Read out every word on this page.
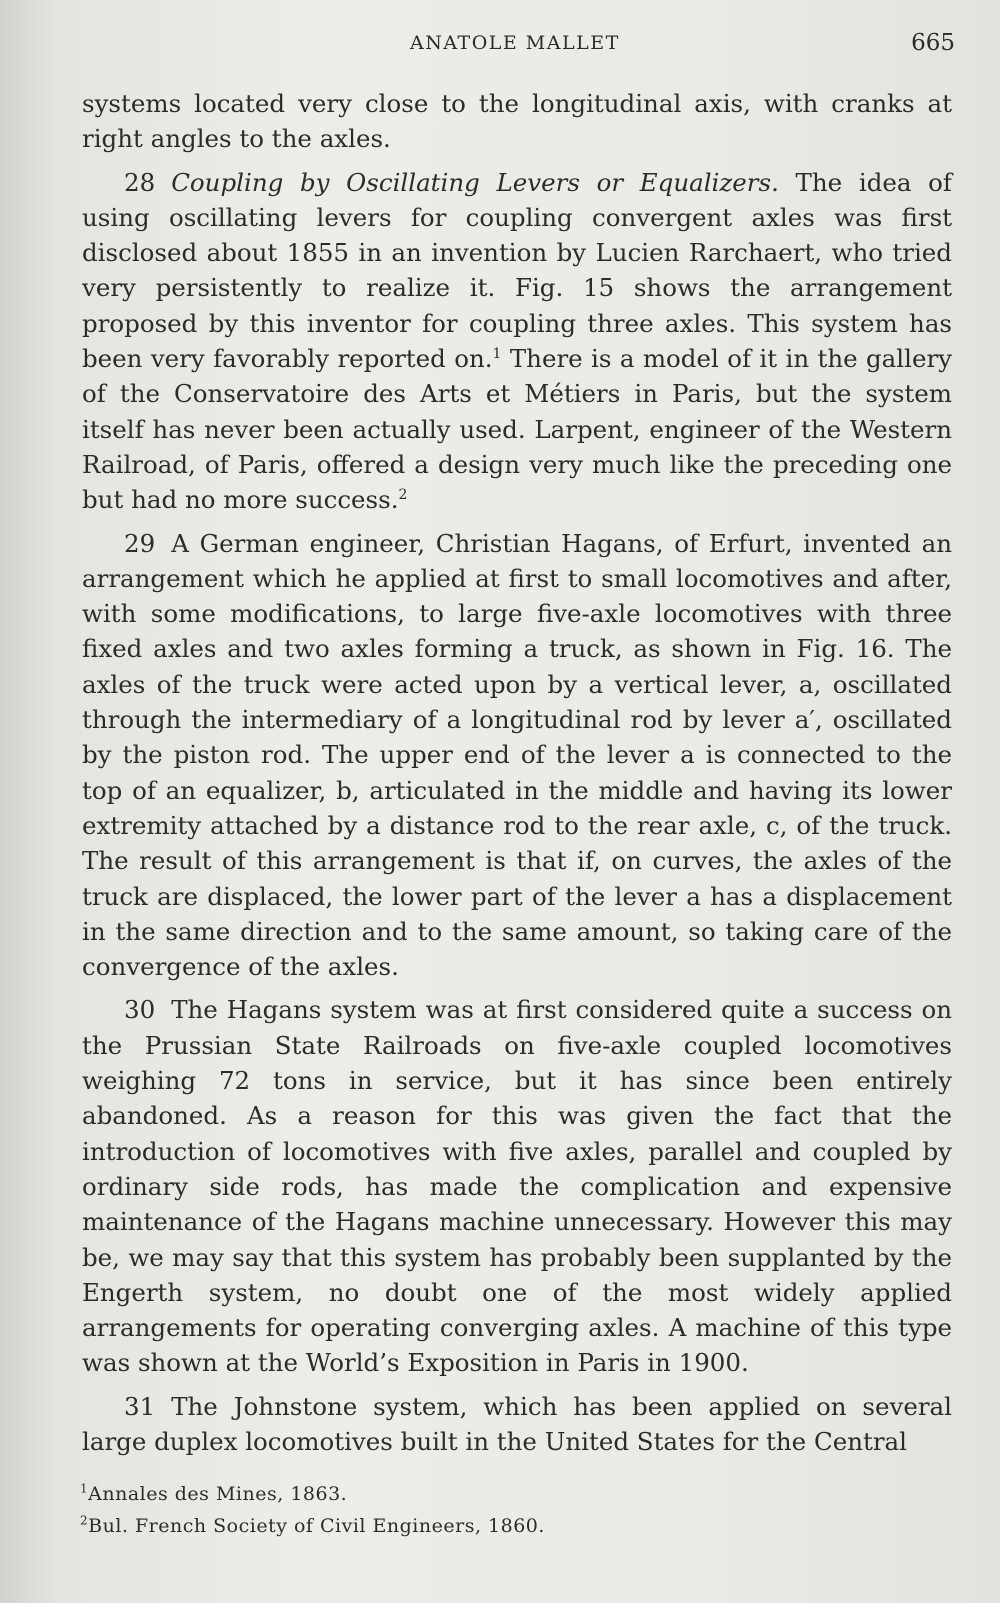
ANATOLE MALLET	665

systems located very close to the longitudinal axis, with cranks at right angles to the axles.

28 Coupling by Oscillating Levers or Equalizers. The idea of using oscillating levers for coupling convergent axles was first disclosed about 1855 in an invention by Lucien Rarchaert, who tried very persistently to realize it. Fig. 15 shows the arrangement proposed by this inventor for coupling three axles. This system has been very favorably reported on.$^1$ There is a model of it in the gallery of the Conservatoire des Arts et Métiers in Paris, but the system itself has never been actually used. Larpent, engineer of the Western Railroad, of Paris, offered a design very much like the preceding one but had no more success.$^2$

29 A German engineer, Christian Hagans, of Erfurt, invented an arrangement which he applied at first to small locomotives and after, with some modifications, to large five-axle locomotives with three fixed axles and two axles forming a truck, as shown in Fig. 16. The axles of the truck were acted upon by a vertical lever, a, oscillated through the intermediary of a longitudinal rod by lever a′, oscillated by the piston rod. The upper end of the lever a is connected to the top of an equalizer, b, articulated in the middle and having its lower extremity attached by a distance rod to the rear axle, c, of the truck. The result of this arrangement is that if, on curves, the axles of the truck are displaced, the lower part of the lever a has a displacement in the same direction and to the same amount, so taking care of the convergence of the axles.

30 The Hagans system was at first considered quite a success on the Prussian State Railroads on five-axle coupled locomotives weighing 72 tons in service, but it has since been entirely abandoned. As a reason for this was given the fact that the introduction of locomotives with five axles, parallel and coupled by ordinary side rods, has made the complication and expensive maintenance of the Hagans machine unnecessary. However this may be, we may say that this system has probably been supplanted by the Engerth system, no doubt one of the most widely applied arrangements for operating converging axles. A machine of this type was shown at the World’s Exposition in Paris in 1900.

31 The Johnstone system, which has been applied on several large duplex locomotives built in the United States for the Central

$^1$Annales des Mines, 1863.

$^2$Bul. French Society of Civil Engineers, 1860.
